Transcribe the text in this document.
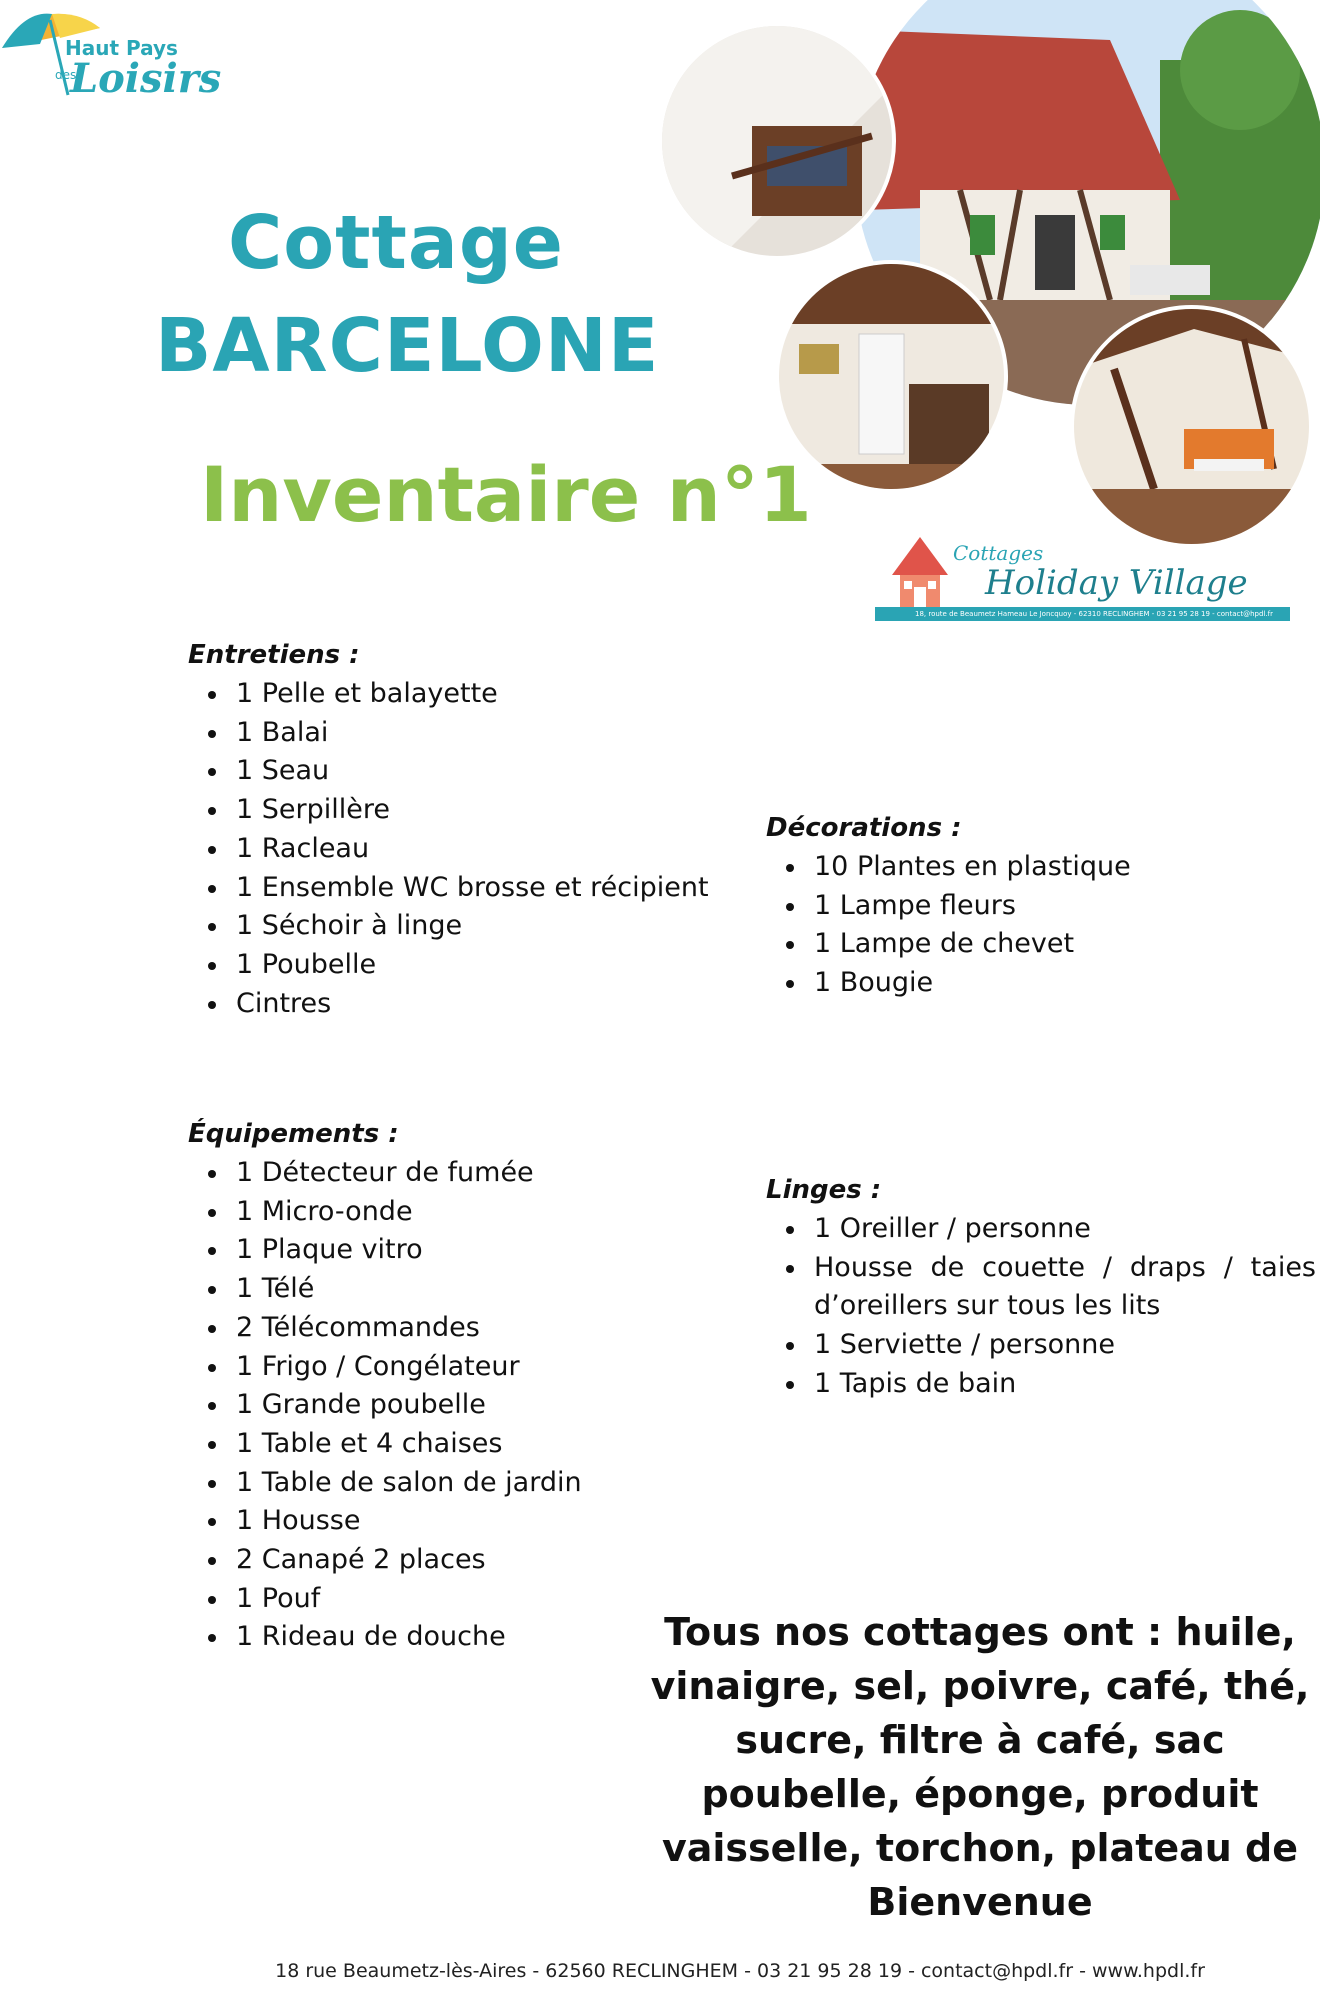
Haut Pays
des
Loisirs
Cottage
BARCELONE
Inventaire n°1
Cottages
Holiday Village
18, route de Beaumetz Hameau Le Joncquoy - 62310 RECLINGHEM - 03 21 95 28 19 - contact@hpdl.fr
Entretiens :
1 Pelle et balayette
1 Balai
1 Seau
1 Serpillère
1 Racleau
1 Ensemble WC brosse et récipient
1 Séchoir à linge
1 Poubelle
Cintres
Décorations :
10 Plantes en plastique
1 Lampe fleurs
1 Lampe de chevet
1 Bougie
Équipements :
1 Détecteur de fumée
1 Micro-onde
1 Plaque vitro
1 Télé
2 Télécommandes
1 Frigo / Congélateur
1 Grande poubelle
1 Table et 4 chaises
1 Table de salon de jardin
1 Housse
2 Canapé 2 places
1 Pouf
1 Rideau de douche
Linges :
1 Oreiller / personne
Housse de couette / draps / taies d’oreillers sur tous les lits
1 Serviette / personne
1 Tapis de bain
Tous nos cottages ont : huile, vinaigre, sel, poivre, café, thé, sucre, filtre à café, sac poubelle, éponge, produit vaisselle, torchon, plateau de Bienvenue
18 rue Beaumetz-lès-Aires - 62560 RECLINGHEM - 03 21 95 28 19 - contact@hpdl.fr - www.hpdl.fr
